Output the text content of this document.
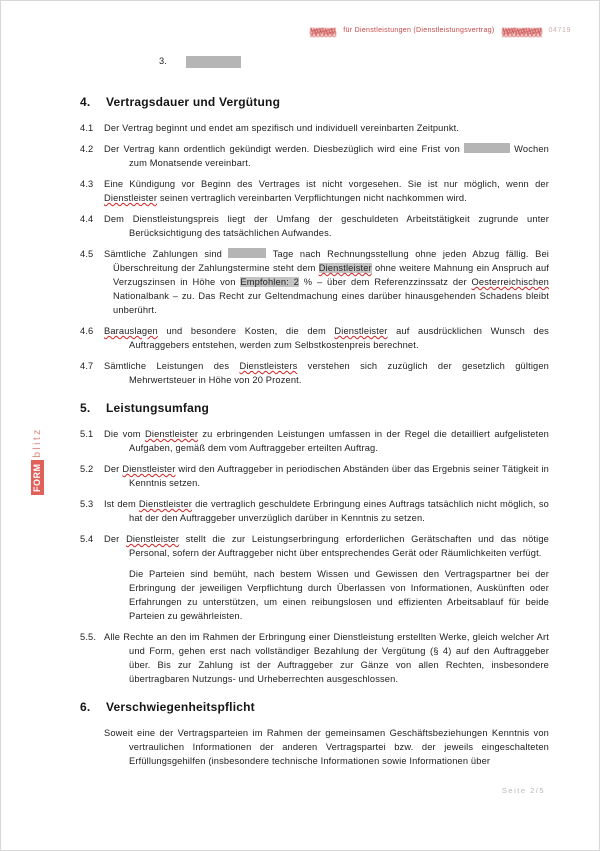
für Dienstleistungen (Dienstleistungsvertrag)	04719
3.
FORM
blitz
4.	Vertragsdauer und Vergütung
4.1	Der Vertrag beginnt und endet am spezifisch und individuell vereinbarten Zeitpunkt.
4.2	Der Vertrag kann ordentlich gekündigt werden. Diesbezüglich wird eine Frist von	Wochen zum Monatsende vereinbart.
4.3	Eine Kündigung vor Beginn des Vertrages ist nicht vorgesehen. Sie ist nur möglich, wenn der Dienstleister seinen vertraglich vereinbarten Verpflichtungen nicht nachkommen wird.
4.4	Dem Dienstleistungspreis liegt der Umfang der geschuldeten Arbeitstätigkeit zugrunde unter Berücksichtigung des tatsächlichen Aufwandes.
4.5	Sämtliche Zahlungen sind	Tage nach Rechnungsstellung ohne jeden Abzug fällig. Bei Überschreitung der Zahlungstermine steht dem Dienstleister ohne weitere Mahnung ein Anspruch auf Verzugszinsen in Höhe von Empfohlen: 2 % – über dem Referenzzinssatz der Oesterreichischen Nationalbank – zu. Das Recht zur Geltendmachung eines darüber hinausgehenden Schadens bleibt unberührt.
4.6	Barauslagen und besondere Kosten, die dem Dienstleister auf ausdrücklichen Wunsch des Auftraggebers entstehen, werden zum Selbstkostenpreis berechnet.
4.7	Sämtliche Leistungen des Dienstleisters verstehen sich zuzüglich der gesetzlich gültigen Mehrwertsteuer in Höhe von 20 Prozent.
5.	Leistungsumfang
5.1	Die vom Dienstleister zu erbringenden Leistungen umfassen in der Regel die detailliert aufgelisteten Aufgaben, gemäß dem vom Auftraggeber erteilten Auftrag.
5.2	Der Dienstleister wird den Auftraggeber in periodischen Abständen über das Ergebnis seiner Tätigkeit in Kenntnis setzen.
5.3	Ist dem Dienstleister die vertraglich geschuldete Erbringung eines Auftrags tatsächlich nicht möglich, so hat der den Auftraggeber unverzüglich darüber in Kenntnis zu setzen.
5.4	Der Dienstleister stellt die zur Leistungserbringung erforderlichen Gerätschaften und das nötige Personal, sofern der Auftraggeber nicht über entsprechendes Gerät oder Räumlichkeiten verfügt.
Die Parteien sind bemüht, nach bestem Wissen und Gewissen den Vertragspartner bei der Erbringung der jeweiligen Verpflichtung durch Überlassen von Informationen, Auskünften oder Erfahrungen zu unterstützen, um einen reibungslosen und effizienten Arbeitsablauf für beide Parteien zu gewährleisten.
5.5. Alle Rechte an den im Rahmen der Erbringung einer Dienstleistung erstellten Werke, gleich welcher Art und Form, gehen erst nach vollständiger Bezahlung der Vergütung (§ 4) auf den Auftraggeber über. Bis zur Zahlung ist der Auftraggeber zur Gänze von allen Rechten, insbesondere übertragbaren Nutzungs- und Urheberrechten ausgeschlossen.
6.	Verschwiegenheitspflicht
Soweit eine der Vertragsparteien im Rahmen der gemeinsamen Geschäftsbeziehungen Kenntnis von vertraulichen Informationen der anderen Vertragspartei bzw. der jeweils eingeschalteten Erfüllungsgehilfen (insbesondere technische Informationen sowie Informationen über
Seite 2/5
